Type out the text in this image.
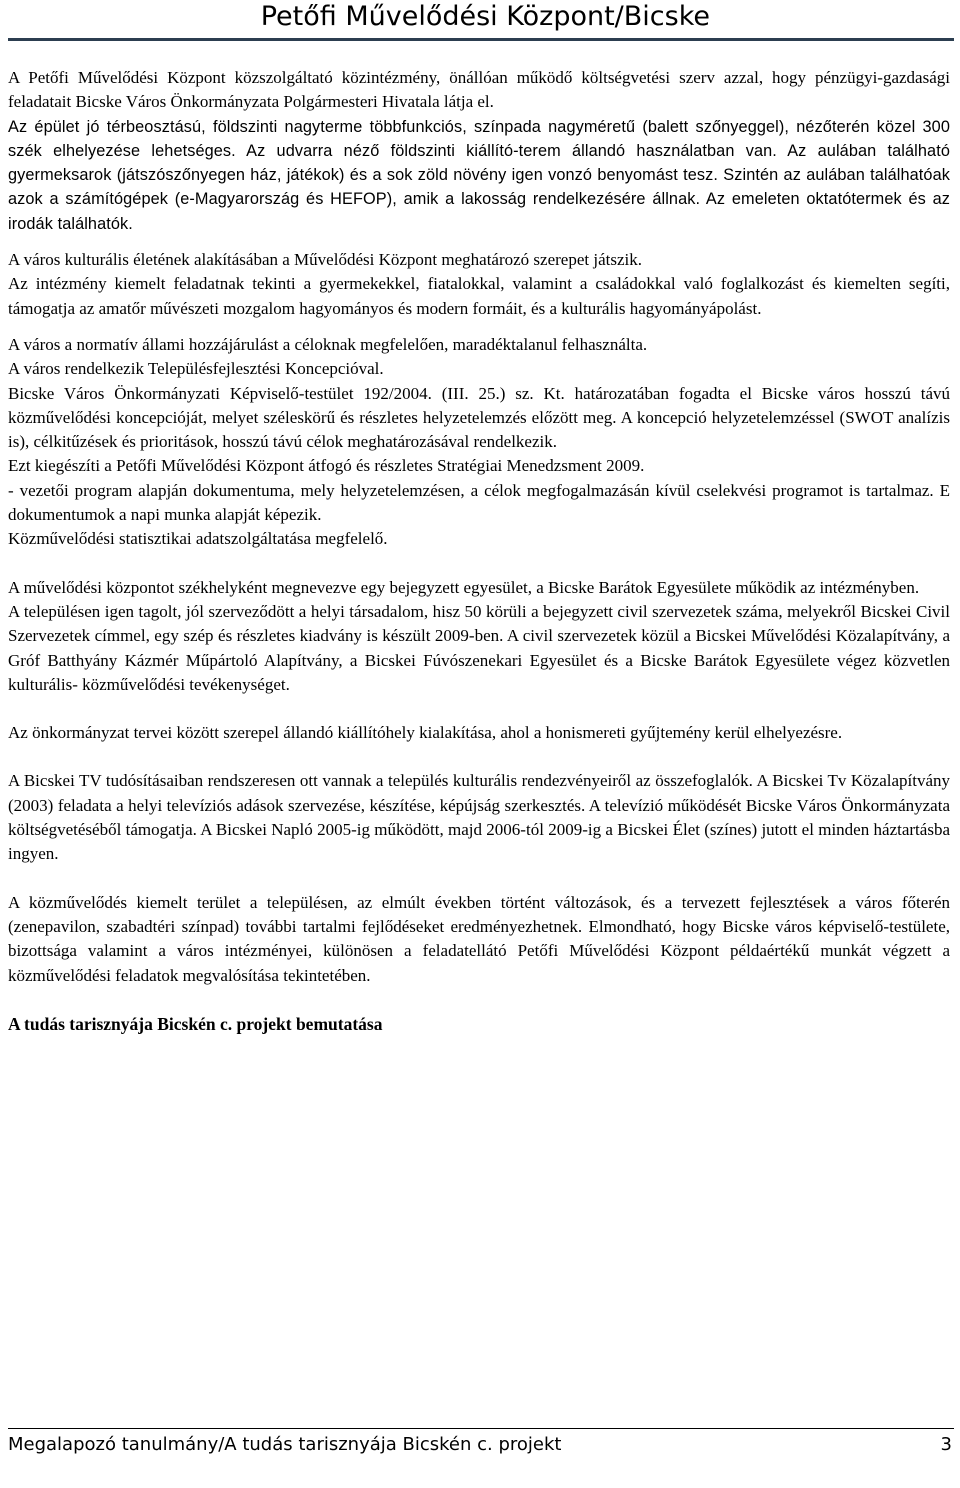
Petőfi Művelődési Központ/Bicske

A Petőfi Művelődési Központ közszolgáltató közintézmény, önállóan működő költségvetési szerv azzal, hogy pénzügyi-gazdasági feladatait Bicske Város Önkormányzata Polgármesteri Hivatala látja el.

Az épület jó térbeosztású, földszinti nagyterme többfunkciós, színpada nagyméretű (balett szőnyeggel), nézőterén közel 300 szék elhelyezése lehetséges. Az udvarra néző földszinti kiállító-terem állandó használatban van. Az aulában található gyermeksarok (játszószőnyegen ház, játékok) és a sok zöld növény igen vonzó benyomást tesz. Szintén az aulában találhatóak azok a számítógépek (e-Magyarország és HEFOP), amik a lakosság rendelkezésére állnak. Az emeleten oktatótermek és az irodák találhatók.

A város kulturális életének alakításában a Művelődési Központ meghatározó szerepet játszik.

Az intézmény kiemelt feladatnak tekinti a gyermekekkel, fiatalokkal, valamint a családokkal való foglalkozást és kiemelten segíti, támogatja az amatőr művészeti mozgalom hagyományos és modern formáit, és a kulturális hagyományápolást.

A város a normatív állami hozzájárulást a céloknak megfelelően, maradéktalanul felhasználta.

A város rendelkezik Településfejlesztési Koncepcióval.

Bicske Város Önkormányzati Képviselő-testület 192/2004. (III. 25.) sz. Kt. határozatában fogadta el Bicske város hosszú távú közművelődési koncepcióját, melyet széleskörű és részletes helyzetelemzés előzött meg. A koncepció helyzetelemzéssel (SWOT analízis is), célkitűzések és prioritások, hosszú távú célok meghatározásával rendelkezik.

Ezt kiegészíti a Petőfi Művelődési Központ átfogó és részletes Stratégiai Menedzsment 2009.

- vezetői program alapján dokumentuma, mely helyzetelemzésen, a célok megfogalmazásán kívül cselekvési programot is tartalmaz. E dokumentumok a napi munka alapját képezik.

Közművelődési statisztikai adatszolgáltatása megfelelő.

A művelődési központot székhelyként megnevezve egy bejegyzett egyesület, a Bicske Barátok Egyesülete működik az intézményben.

A településen igen tagolt, jól szerveződött a helyi társadalom, hisz 50 körüli a bejegyzett civil szervezetek száma, melyekről Bicskei Civil Szervezetek címmel, egy szép és részletes kiadvány is készült 2009-ben. A civil szervezetek közül a Bicskei Művelődési Közalapítvány, a Gróf Batthyány Kázmér Műpártoló Alapítvány, a Bicskei Fúvószenekari Egyesület és a Bicske Barátok Egyesülete végez közvetlen kulturális- közművelődési tevékenységet.

Az önkormányzat tervei között szerepel állandó kiállítóhely kialakítása, ahol a honismereti gyűjtemény kerül elhelyezésre.

A Bicskei TV tudósításaiban rendszeresen ott vannak a település kulturális rendezvényeiről az összefoglalók. A Bicskei Tv Közalapítvány (2003) feladata a helyi televíziós adások szervezése, készítése, képújság szerkesztés. A televízió működését Bicske Város Önkormányzata költségvetéséből támogatja. A Bicskei Napló 2005-ig működött, majd 2006-tól 2009-ig a Bicskei Élet (színes) jutott el minden háztartásba ingyen.

A közművelődés kiemelt terület a településen, az elmúlt években történt változások, és a tervezett fejlesztések a város főterén (zenepavilon, szabadtéri színpad) további tartalmi fejlődéseket eredményezhetnek. Elmondható, hogy Bicske város képviselő-testülete, bizottsága valamint a város intézményei, különösen a feladatellátó Petőfi Művelődési Központ példaértékű munkát végzett a közművelődési feladatok megvalósítása tekintetében.

A tudás tarisznyája Bicskén c. projekt bemutatása

Megalapozó tanulmány/A tudás tarisznyája Bicskén c. projekt	3
